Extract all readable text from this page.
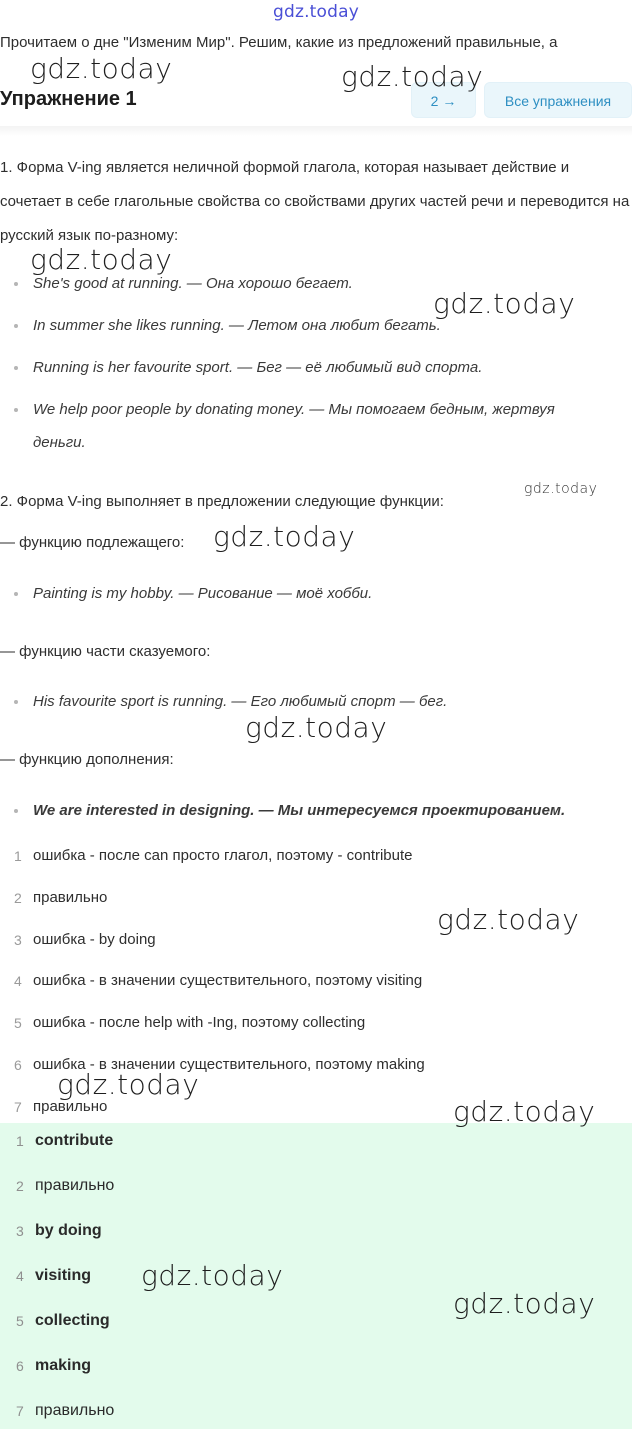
gdz.today
Прочитаем о дне "Изменим Мир". Решим, какие из предложений правильные, а
Упражнение 1	2 →	Все упражнения
1. Форма V-ing является неличной формой глагола, которая называет действие и сочетает в себе глагольные свойства со свойствами других частей речи и переводится на русский язык по-разному:
She's good at running. — Она хорошо бегает.
In summer she likes running. — Летом она любит бегать.
Running is her favourite sport. — Бег — её любимый вид спорта.
We help poor people by donating money. — Мы помогаем бедным, жертвуя
деньги.
2. Форма V-ing выполняет в предложении следующие функции:
— функцию подлежащего:
Painting is my hobby. — Рисование — моё хобби.
— функцию части сказуемого:
His favourite sport is running. — Его любимый спорт — бег.
— функцию дополнения:
We are interested in designing. — Мы интересуемся проектированием.
1 ошибка - после can просто глагол, поэтому - contribute
2 правильно
3 ошибка - by doing
4 ошибка - в значении существительного, поэтому visiting
5 ошибка - после help with -Ing, поэтому collecting
6 ошибка - в значении существительного, поэтому making
7 правильно
1 contribute
2 правильно
3 by doing
4 visiting
5 collecting
6 making
7 правильно
gdz.today	gdz.today
gdz.today
gdz.today
gdz.today
gdz.today
gdz.today
gdz.today
gdz.today
gdz.today
gdz.today
gdz.today
